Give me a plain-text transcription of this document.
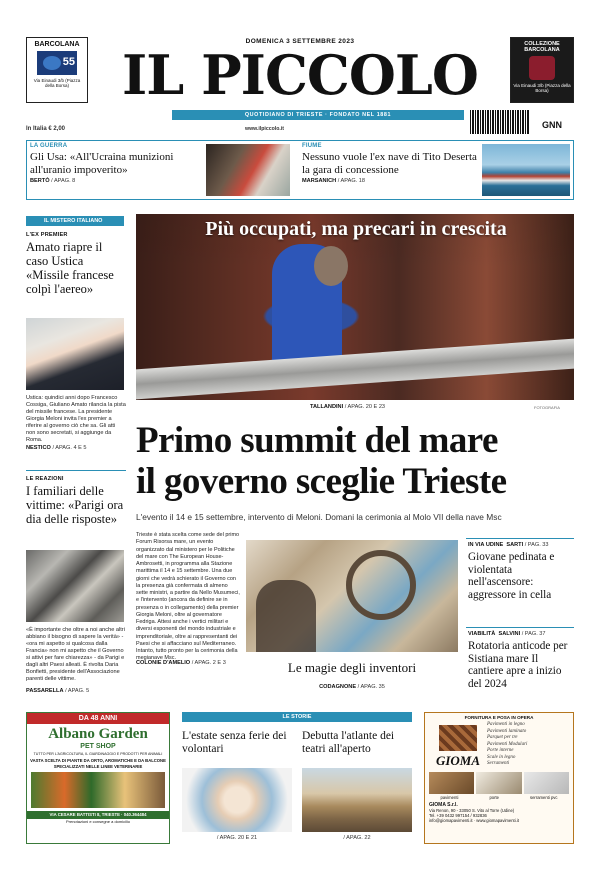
BARCOLANA
55
Via Einaudi 3/b (Piazza della Borsa)
DOMENICA 3 SETTEMBRE 2023
IL PICCOLO	COLLEZIONE BARCOLANA
Via Einaudi 3/b (Piazza della Borsa)
QUOTIDIANO DI TRIESTE · FONDATO NEL 1881
In Italia € 2,00	www.ilpiccolo.it	GNN
LA GUERRA
Gli Usa: «All'Ucraina munizioni all'uranio impoverito»
BERTÒ / APAG. 8
FIUME
Nessuno vuole l'ex nave di Tito Deserta la gara di concessione
MARSANICH / APAG. 18
IL MISTERO ITALIANO
L'EX PREMIER
Amato riapre il caso Ustica «Missile francese colpì l'aereo»
Ustica: quindici anni dopo Francesco Cossiga, Giuliano Amato rilancia la pista del missile francese. La presidente Giorgia Meloni invita l'ex premier a riferire al governo ciò che sa. Gli atti non sono secretati, si aggiunge da Roma.
NESTICO / APAG. 4 E 5
LE REAZIONI
I familiari delle vittime: «Parigi ora dia delle risposte»
«È importante che oltre a noi anche altri abbiano il bisogno di sapere la verità» - «ora mi aspetto si qualcosa dalla Francia» non mi aspetto che il Governo si attivi per fare chiarezza» - da Parigi e dagli altri Paesi alleati. È rivolta Daria Bonfietti, presidente dell'Associazione parenti delle vittime.
PASSARELLA / APAG. 5
Più occupati, ma precari in crescita
TALLANDINI / APAG. 20 E 23	FOTOGRAFIA
Primo summit del mare
il governo sceglie Trieste
L'evento il 14 e 15 settembre, intervento di Meloni. Domani la cerimonia al Molo VII della nave Msc
Trieste è stata scelta come sede del primo Forum Risorsa mare, un evento organizzato dal ministero per le Politiche del mare con The European House-Ambrosetti, in programma alla Stazione marittima il 14 e 15 settembre. Una due giorni che vedrà schierato il Governo con la presenza già confermata di almeno sette ministri, a partire da Nello Musumeci, e l'intervento (ancora da definire se in presenza o in collegamento) della premier Giorgia Meloni, oltre al governatore Fedriga. Attesi anche i vertici militari e diversi esponenti del mondo industriale e imprenditoriale, oltre ai rappresentanti dei Paesi che si affacciano sul Mediterraneo. Intanto, tutto pronto per la cerimonia della megianave Msc.
COLONIE D'AMELIO / APAG. 2 E 3	Le magie degli inventori
CODAGNONE / APAG. 35
IN VIA UDINE SARTI / PAG. 33
Giovane pedinata e violentata nell'ascensore: aggressore in cella
VIABILITÀ SALVINI / PAG. 37
Rotatoria anticode per Sistiana mare Il cantiere apre a inizio del 2024
DA 48 ANNI
Albano Garden
PET SHOP
TUTTO PER L'AGRICOLTURA, IL GIARDINAGGIO E PRODOTTI PER ANIMALI
VASTA SCELTA DI PIANTE DA ORTO, AROMATICHE E DA BALCONE
SPECIALIZZATI NELLE LINEE VETERINARIE
VIA CESARE BATTISTI 8, TRIESTE · 040.364484
Prenotazioni e consegne a domicilio
LE STORIE
L'estate senza ferie dei volontari
/ APAG. 20 E 21
Debutta l'atlante dei teatri all'aperto
/ APAG. 22
FORNITURA E POSA IN OPERA
GIOMA
Pavimenti in legno
Pavimenti laminato
Parquet per tre
Pavimenti Modulari
Porte interne
Scale in legno
Serramenti
pavimenti	porte	serramenti pvc
GIOMA S.r.l.
Via Renon, 90 - 33050 S. Vito al Torre (Udine)
Tel. +39 0432 997154 / 932836
info@giomapavimenti.it · www.giomapavimenti.it
